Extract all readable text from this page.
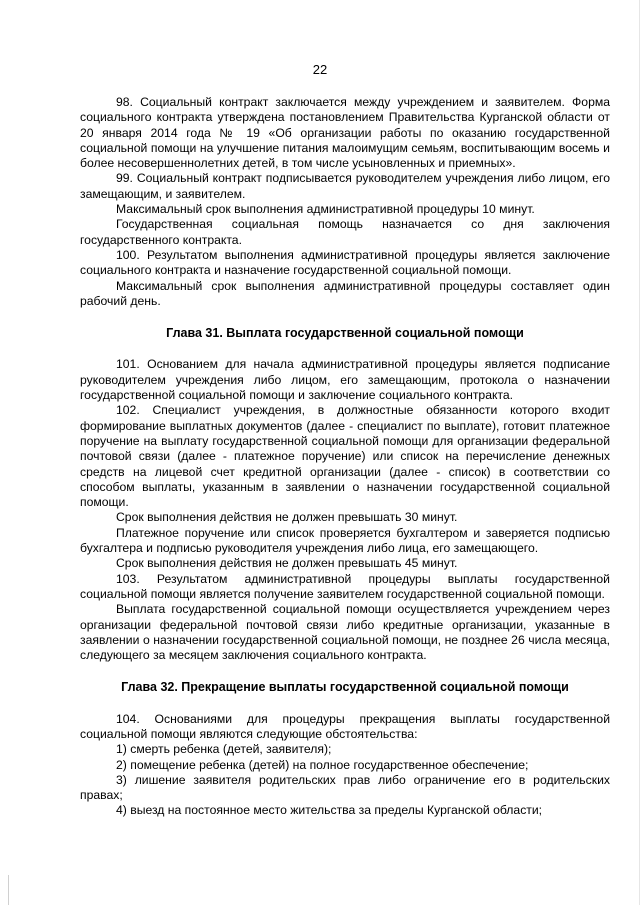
22

98. Социальный контракт заключается между учреждением и заявителем. Форма социального контракта утверждена постановлением Правительства Курганской области от 20 января 2014 года № 19 «Об организации работы по оказанию государственной социальной помощи на улучшение питания малоимущим семьям, воспитывающим восемь и более несовершеннолетних детей, в том числе усыновленных и приемных».

99. Социальный контракт подписывается руководителем учреждения либо лицом, его замещающим, и заявителем.

Максимальный срок выполнения административной процедуры 10 минут.

Государственная социальная помощь назначается со дня заключения государственного контракта.

100. Результатом выполнения административной процедуры является заключение социального контракта и назначение государственной социальной помощи.

Максимальный срок выполнения административной процедуры составляет один рабочий день.

Глава 31. Выплата государственной социальной помощи

101. Основанием для начала административной процедуры является подписание руководителем учреждения либо лицом, его замещающим, протокола о назначении государственной социальной помощи и заключение социального контракта.

102. Специалист учреждения, в должностные обязанности которого входит формирование выплатных документов (далее - специалист по выплате), готовит платежное поручение на выплату государственной социальной помощи для организации федеральной почтовой связи (далее - платежное поручение) или список на перечисление денежных средств на лицевой счет кредитной организации (далее - список) в соответствии со способом выплаты, указанным в заявлении о назначении государственной социальной помощи.

Срок выполнения действия не должен превышать 30 минут.

Платежное поручение или список проверяется бухгалтером и заверяется подписью бухгалтера и подписью руководителя учреждения либо лица, его замещающего.

Срок выполнения действия не должен превышать 45 минут.

103. Результатом административной процедуры выплаты государственной социальной помощи является получение заявителем государственной социальной помощи.

Выплата государственной социальной помощи осуществляется учреждением через организации федеральной почтовой связи либо кредитные организации, указанные в заявлении о назначении государственной социальной помощи, не позднее 26 числа месяца, следующего за месяцем заключения социального контракта.

Глава 32. Прекращение выплаты государственной социальной помощи

104. Основаниями для процедуры прекращения выплаты государственной социальной помощи являются следующие обстоятельства:

1) смерть ребенка (детей, заявителя);

2) помещение ребенка (детей) на полное государственное обеспечение;

3) лишение заявителя родительских прав либо ограничение его в родительских правах;

4) выезд на постоянное место жительства за пределы Курганской области;
